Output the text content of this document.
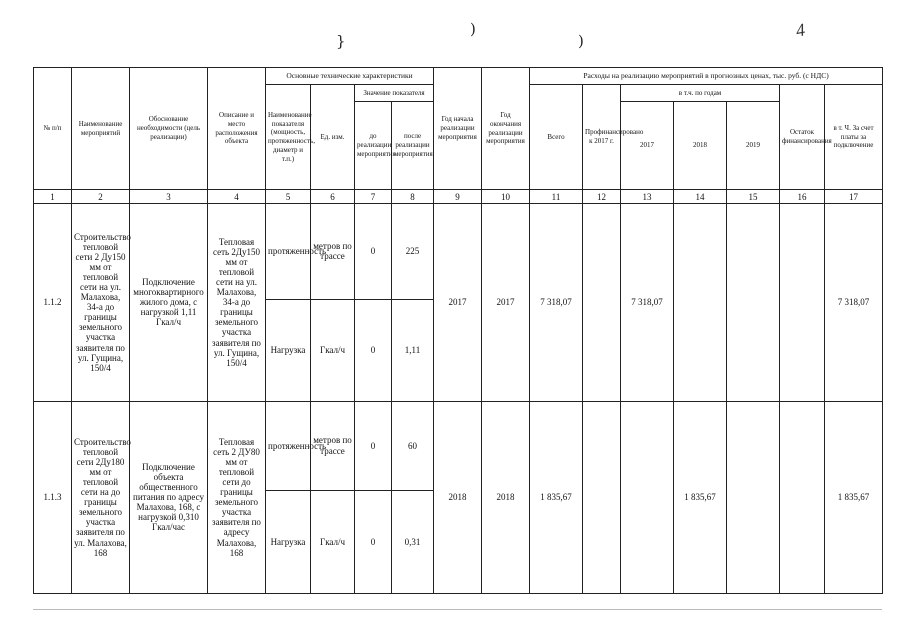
}
)
)
4
№ п/п	Наименование мероприятий	Обоснование необходимости (цель реализации)	Описание и место расположения объекта	Основные технические характеристики				Год начала реализации мероприятия	Год окончания реализации мероприятия	Расходы на реализацию мероприятий в прогнозных ценах, тыс. руб. (с НДС)						
				Наименование показателя (мощность, протяженность, диаметр и т.п.)	Ед. изм.	Значение показателя				Всего	Профинансировано к 2017 г.	в т.ч. по годам			Остаток финансирования	в т. Ч. За счет платы за подключение
						до реализации мероприятия	после реализации мероприятия					2017	2018	2019		
1	2	3	4	5	6	7	8	9	10	11	12	13	14	15	16	17
1.1.2	Строительство тепловой сети 2 Ду150 мм от тепловой сети на ул. Малахова, 34-а до границы земельного участка заявителя по ул. Гущина, 150/4	Подключение многоквартирного жилого дома, с нагрузкой 1,11 Гкал/ч	Тепловая сеть 2Ду150 мм от тепловой сети на ул. Малахова, 34-а до границы земельного участка заявителя по ул. Гущина, 150/4	протяженность	метров по трассе	0	225	2017	2017	7 318,07		7 318,07				7 318,07
				Нагрузка	Гкал/ч	0	1,11									
1.1.3	Строительство тепловой сети 2Ду180 мм от тепловой сети на до границы земельного участка заявителя по ул. Малахова, 168	Подключение объекта общественного питания по адресу Малахова, 168, с нагрузкой 0,310 Гкал/час	Тепловая сеть 2 ДУ80 мм от тепловой сети до границы земельного участка заявителя по адресу Малахова, 168	протяженность	метров по трассе	0	60	2018	2018	1 835,67			1 835,67			1 835,67
				Нагрузка	Гкал/ч	0	0,31									
